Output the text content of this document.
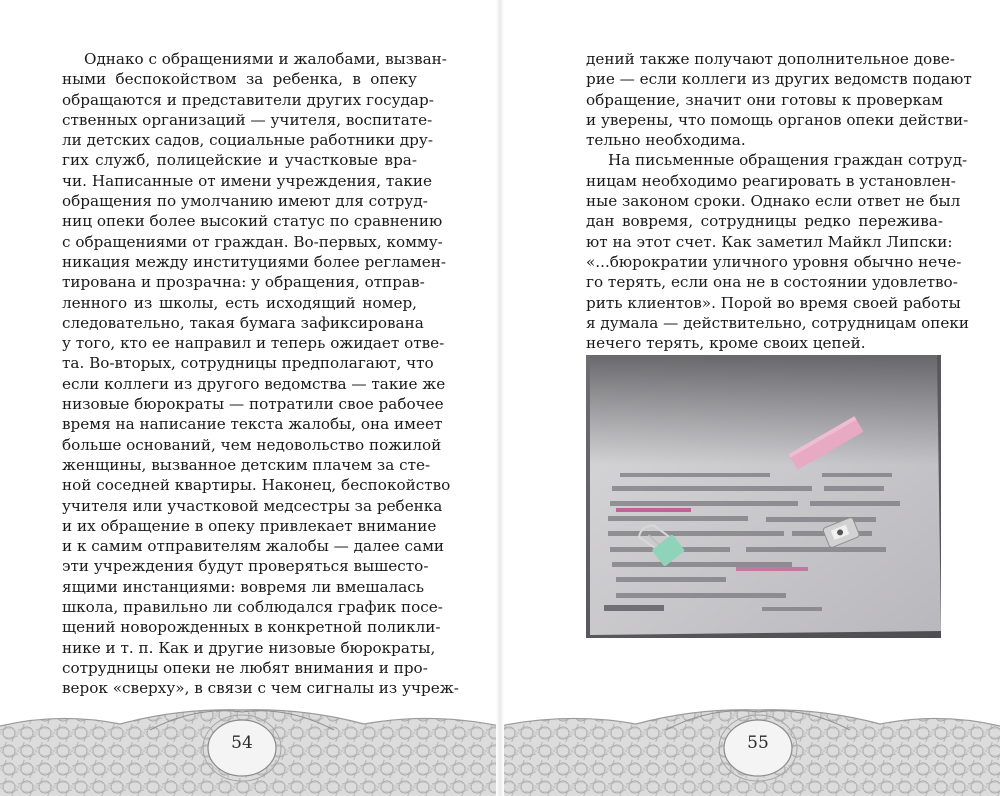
Однако с обращениями и жалобами, вызван-
ными беспокойством за ребенка, в опеку
обращаются и представители других государ-
ственных организаций — учителя, воспитате-
ли детских садов, социальные работники дру-
гих служб, полицейские и участковые вра-
чи. Написанные от имени учреждения, такие
обращения по умолчанию имеют для сотруд-
ниц опеки более высокий статус по сравнению
с обращениями от граждан. Во-первых, комму-
никация между институциями более регламен-
тирована и прозрачна: у обращения, отправ-
ленного из школы, есть исходящий номер,
следовательно, такая бумага зафиксирована
у того, кто ее направил и теперь ожидает отве-
та. Во-вторых, сотрудницы предполагают, что
если коллеги из другого ведомства — такие же
низовые бюрократы — потратили свое рабочее
время на написание текста жалобы, она имеет
больше оснований, чем недовольство пожилой
женщины, вызванное детским плачем за сте-
ной соседней квартиры. Наконец, беспокойство
учителя или участковой медсестры за ребенка
и их обращение в опеку привлекает внимание
и к самим отправителям жалобы — далее сами
эти учреждения будут проверяться вышесто-
ящими инстанциями: вовремя ли вмешалась
школа, правильно ли соблюдался график посе-
щений новорожденных в конкретной поликли-
нике и т. п. Как и другие низовые бюрократы,
сотрудницы опеки не любят внимания и про-
верок «сверху», в связи с чем сигналы из учреж-
54
дений также получают дополнительное дове-
рие — если коллеги из других ведомств подают
обращение, значит они готовы к проверкам
и уверены, что помощь органов опеки действи-
тельно необходима.
На письменные обращения граждан сотруд-
ницам необходимо реагировать в установлен-
ные законом сроки. Однако если ответ не был
дан вовремя, сотрудницы редко пережива-
ют на этот счет. Как заметил Майкл Липски:
«...бюрократии уличного уровня обычно нече-
го терять, если она не в состоянии удовлетво-
рить клиентов». Порой во время своей работы
я думала — действительно, сотрудницам опеки
нечего терять, кроме своих цепей.
55
